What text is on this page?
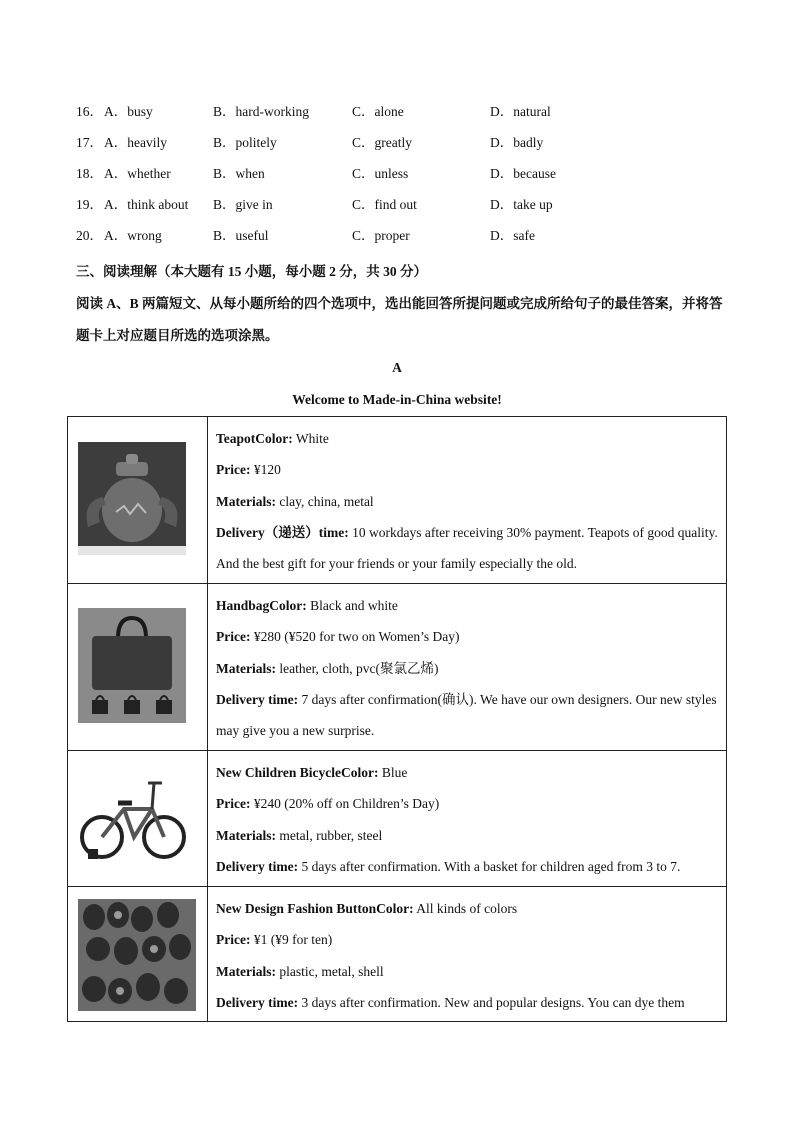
16． A．busy	B．hard-working	C．alone	D．natural
17． A．heavily	B．politely	C．greatly	D．badly
18． A．whether	B．when	C．unless	D．because
19． A．think about B．give in	C．find out	D．take up
20． A．wrong	B．useful	C．proper	D．safe
三、阅读理解（本大题有 15 小题，每小题 2 分，共 30 分）
阅读 A、B 两篇短文、从每小题所给的四个选项中，选出能回答所提问题或完成所给句子的最佳答案，并将答题卡上对应题目所选的选项涂黑。
A
Welcome to Made-in-China website!

TeapotColor: White
Price: ¥120
Materials: clay, china, metal
Delivery（递送）time: 10 workdays after receiving 30% payment. Teapots of good quality. And the best gift for your friends or your family especially the old.

HandbagColor: Black and white
Price: ¥280 (¥520 for two on Women’s Day)
Materials: leather, cloth, pvc(聚氯乙烯)
Delivery time: 7 days after confirmation(确认). We have our own designers. Our new styles may give you a new surprise.

New Children BicycleColor: Blue
Price: ¥240 (20% off on Children’s Day)
Materials: metal, rubber, steel
Delivery time: 5 days after confirmation. With a basket for children aged from 3 to 7.

New Design Fashion ButtonColor: All kinds of colors
Price: ¥1 (¥9 for ten)
Materials: plastic, metal, shell
Delivery time: 3 days after confirmation. New and popular designs. You can dye them
